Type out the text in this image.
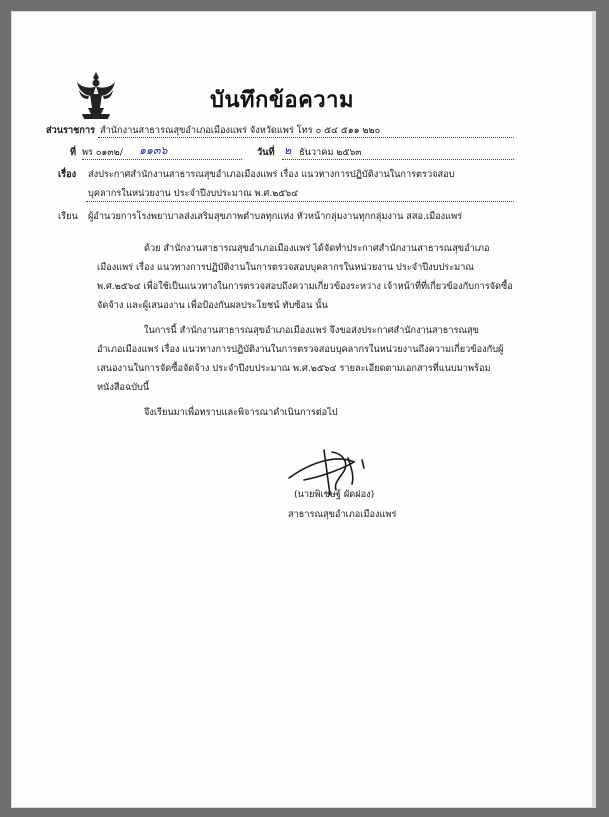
บันทึกข้อความ
ส่วนราชการ สำนักงานสาธารณสุขอำเภอเมืองแพร่ จังหวัดแพร่ โทร ๐ ๕๔ ๕๑๑ ๒๒๐
ที่ พร ๐๑๓๒/ ๑๑๓๖	วันที่ ๒ ธันวาคม ๒๕๖๓
เรื่อง ส่งประกาศสำนักงานสาธารณสุขอำเภอเมืองแพร่ เรื่อง แนวทางการปฏิบัติงานในการตรวจสอบ
บุคลากรในหน่วยงาน ประจำปีงบประมาณ พ.ศ.๒๕๖๔
เรียน ผู้อำนวยการโรงพยาบาลส่งเสริมสุขภาพตำบลทุกแห่ง หัวหน้ากลุ่มงานทุกกลุ่มงาน สสอ.เมืองแพร่
ด้วย สำนักงานสาธารณสุขอำเภอเมืองแพร่ ได้จัดทำประกาศสำนักงานสาธารณสุขอำเภอ
เมืองแพร่ เรื่อง แนวทางการปฏิบัติงานในการตรวจสอบบุคลากรในหน่วยงาน ประจำปีงบประมาณ
พ.ศ.๒๕๖๔ เพื่อใช้เป็นแนวทางในการตรวจสอบถึงความเกี่ยวข้องระหว่าง เจ้าหน้าที่ที่เกี่ยวข้องกับการจัดซื้อ
จัดจ้าง และผู้เสนองาน เพื่อป้องกันผลประโยชน์ ทับซ้อน นั้น
ในการนี้ สำนักงานสาธารณสุขอำเภอเมืองแพร่ จึงขอส่งประกาศสำนักงานสาธารณสุข
อำเภอเมืองแพร่ เรื่อง แนวทางการปฏิบัติงานในการตรวจสอบบุคลากรในหน่วยงานถึงความเกี่ยวข้องกับผู้
เสนองานในการจัดซื้อจัดจ้าง ประจำปีงบประมาณ พ.ศ.๒๕๖๔ รายละเอียดตามเอกสารที่แนบมาพร้อม
หนังสือฉบับนี้
จึงเรียนมาเพื่อทราบและพิจารณาดำเนินการต่อไป
(นายพิเชษฐ์ ผัดผ่อง)
สาธารณสุขอำเภอเมืองแพร่
